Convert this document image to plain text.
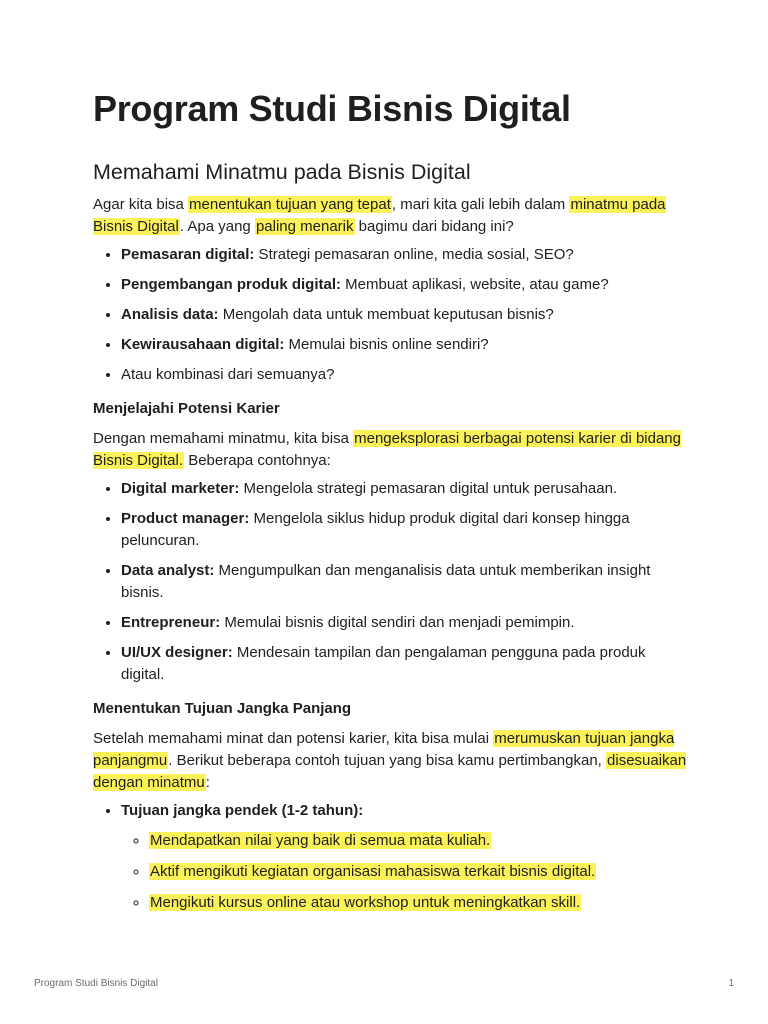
Program Studi Bisnis Digital
Memahami Minatmu pada Bisnis Digital

Agar kita bisa menentukan tujuan yang tepat, mari kita gali lebih dalam minatmu pada Bisnis Digital. Apa yang paling menarik bagimu dari bidang ini?

• Pemasaran digital: Strategi pemasaran online, media sosial, SEO?
• Pengembangan produk digital: Membuat aplikasi, website, atau game?
• Analisis data: Mengolah data untuk membuat keputusan bisnis?
• Kewirausahaan digital: Memulai bisnis online sendiri?
• Atau kombinasi dari semuanya?
Menjelajahi Potensi Karier

Dengan memahami minatmu, kita bisa mengeksplorasi berbagai potensi karier di bidang Bisnis Digital. Beberapa contohnya:

• Digital marketer: Mengelola strategi pemasaran digital untuk perusahaan.
• Product manager: Mengelola siklus hidup produk digital dari konsep hingga peluncuran.
• Data analyst: Mengumpulkan dan menganalisis data untuk memberikan insight bisnis.
• Entrepreneur: Memulai bisnis digital sendiri dan menjadi pemimpin.
• UI/UX designer: Mendesain tampilan dan pengalaman pengguna pada produk digital.
Menentukan Tujuan Jangka Panjang

Setelah memahami minat dan potensi karier, kita bisa mulai merumuskan tujuan jangka panjangmu. Berikut beberapa contoh tujuan yang bisa kamu pertimbangkan, disesuaikan dengan minatmu:

• Tujuan jangka pendek (1-2 tahun):
◦ Mendapatkan nilai yang baik di semua mata kuliah.
◦ Aktif mengikuti kegiatan organisasi mahasiswa terkait bisnis digital.
◦ Mengikuti kursus online atau workshop untuk meningkatkan skill.
Program Studi Bisnis Digital	1
